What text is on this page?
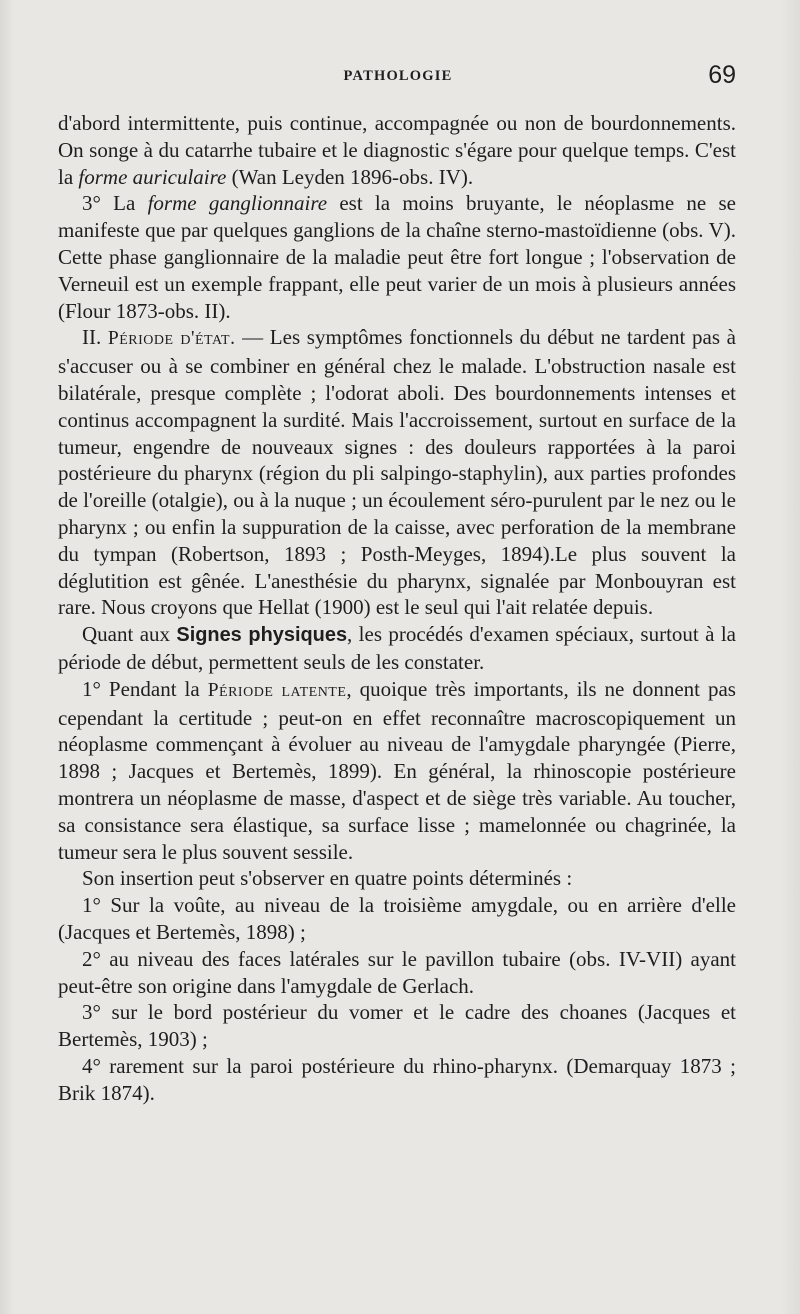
PATHOLOGIE	69

d'abord intermittente, puis continue, accompagnée ou non de bourdonnements. On songe à du catarrhe tubaire et le diagnostic s'égare pour quelque temps. C'est la forme auriculaire (Wan Leyden 1896-obs. IV).

3° La forme ganglionnaire est la moins bruyante, le néoplasme ne se manifeste que par quelques ganglions de la chaîne sterno-mastoïdienne (obs. V). Cette phase ganglionnaire de la maladie peut être fort longue ; l'observation de Verneuil est un exemple frappant, elle peut varier de un mois à plusieurs années (Flour 1873-obs. II).

II. Période d'état. — Les symptômes fonctionnels du début ne tardent pas à s'accuser ou à se combiner en général chez le malade. L'obstruction nasale est bilatérale, presque complète ; l'odorat aboli. Des bourdonnements intenses et continus accompagnent la surdité. Mais l'accroissement, surtout en surface de la tumeur, engendre de nouveaux signes : des douleurs rapportées à la paroi postérieure du pharynx (région du pli salpingo-staphylin), aux parties profondes de l'oreille (otalgie), ou à la nuque ; un écoulement séro-purulent par le nez ou le pharynx ; ou enfin la suppuration de la caisse, avec perforation de la membrane du tympan (Robertson, 1893 ; Posth-Meyges, 1894).Le plus souvent la déglutition est gênée. L'anesthésie du pharynx, signalée par Monbouyran est rare. Nous croyons que Hellat (1900) est le seul qui l'ait relatée depuis.

Quant aux Signes physiques, les procédés d'examen spéciaux, surtout à la période de début, permettent seuls de les constater.

1° Pendant la Période latente, quoique très importants, ils ne donnent pas cependant la certitude ; peut-on en effet reconnaître macroscopiquement un néoplasme commençant à évoluer au niveau de l'amygdale pharyngée (Pierre, 1898 ; Jacques et Bertemès, 1899). En général, la rhinoscopie postérieure montrera un néoplasme de masse, d'aspect et de siège très variable. Au toucher, sa consistance sera élastique, sa surface lisse ; mamelonnée ou chagrinée, la tumeur sera le plus souvent sessile.

Son insertion peut s'observer en quatre points déterminés :

1° Sur la voûte, au niveau de la troisième amygdale, ou en arrière d'elle (Jacques et Bertemès, 1898) ;

2° au niveau des faces latérales sur le pavillon tubaire (obs. IV-VII) ayant peut-être son origine dans l'amygdale de Gerlach.

3° sur le bord postérieur du vomer et le cadre des choanes (Jacques et Bertemès, 1903) ;

4° rarement sur la paroi postérieure du rhino-pharynx. (Demarquay 1873 ; Brik 1874).
